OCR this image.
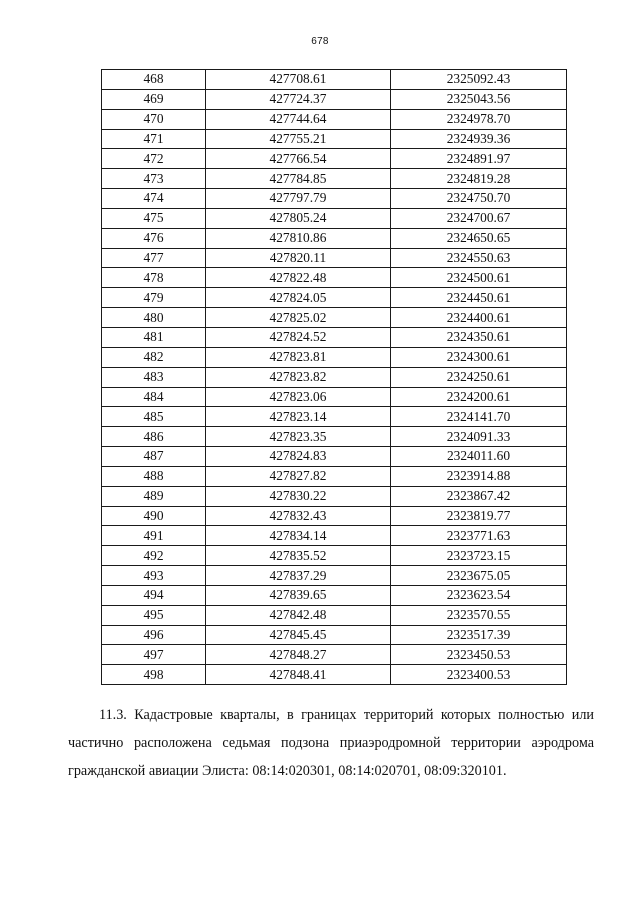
678
468	427708.61	2325092.43
469	427724.37	2325043.56
470	427744.64	2324978.70
471	427755.21	2324939.36
472	427766.54	2324891.97
473	427784.85	2324819.28
474	427797.79	2324750.70
475	427805.24	2324700.67
476	427810.86	2324650.65
477	427820.11	2324550.63
478	427822.48	2324500.61
479	427824.05	2324450.61
480	427825.02	2324400.61
481	427824.52	2324350.61
482	427823.81	2324300.61
483	427823.82	2324250.61
484	427823.06	2324200.61
485	427823.14	2324141.70
486	427823.35	2324091.33
487	427824.83	2324011.60
488	427827.82	2323914.88
489	427830.22	2323867.42
490	427832.43	2323819.77
491	427834.14	2323771.63
492	427835.52	2323723.15
493	427837.29	2323675.05
494	427839.65	2323623.54
495	427842.48	2323570.55
496	427845.45	2323517.39
497	427848.27	2323450.53
498	427848.41	2323400.53
11.3. Кадастровые кварталы, в границах территорий которых полностью или
частично расположена седьмая подзона приаэродромной территории аэродрома
гражданской авиации Элиста: 08:14:020301, 08:14:020701, 08:09:320101.
